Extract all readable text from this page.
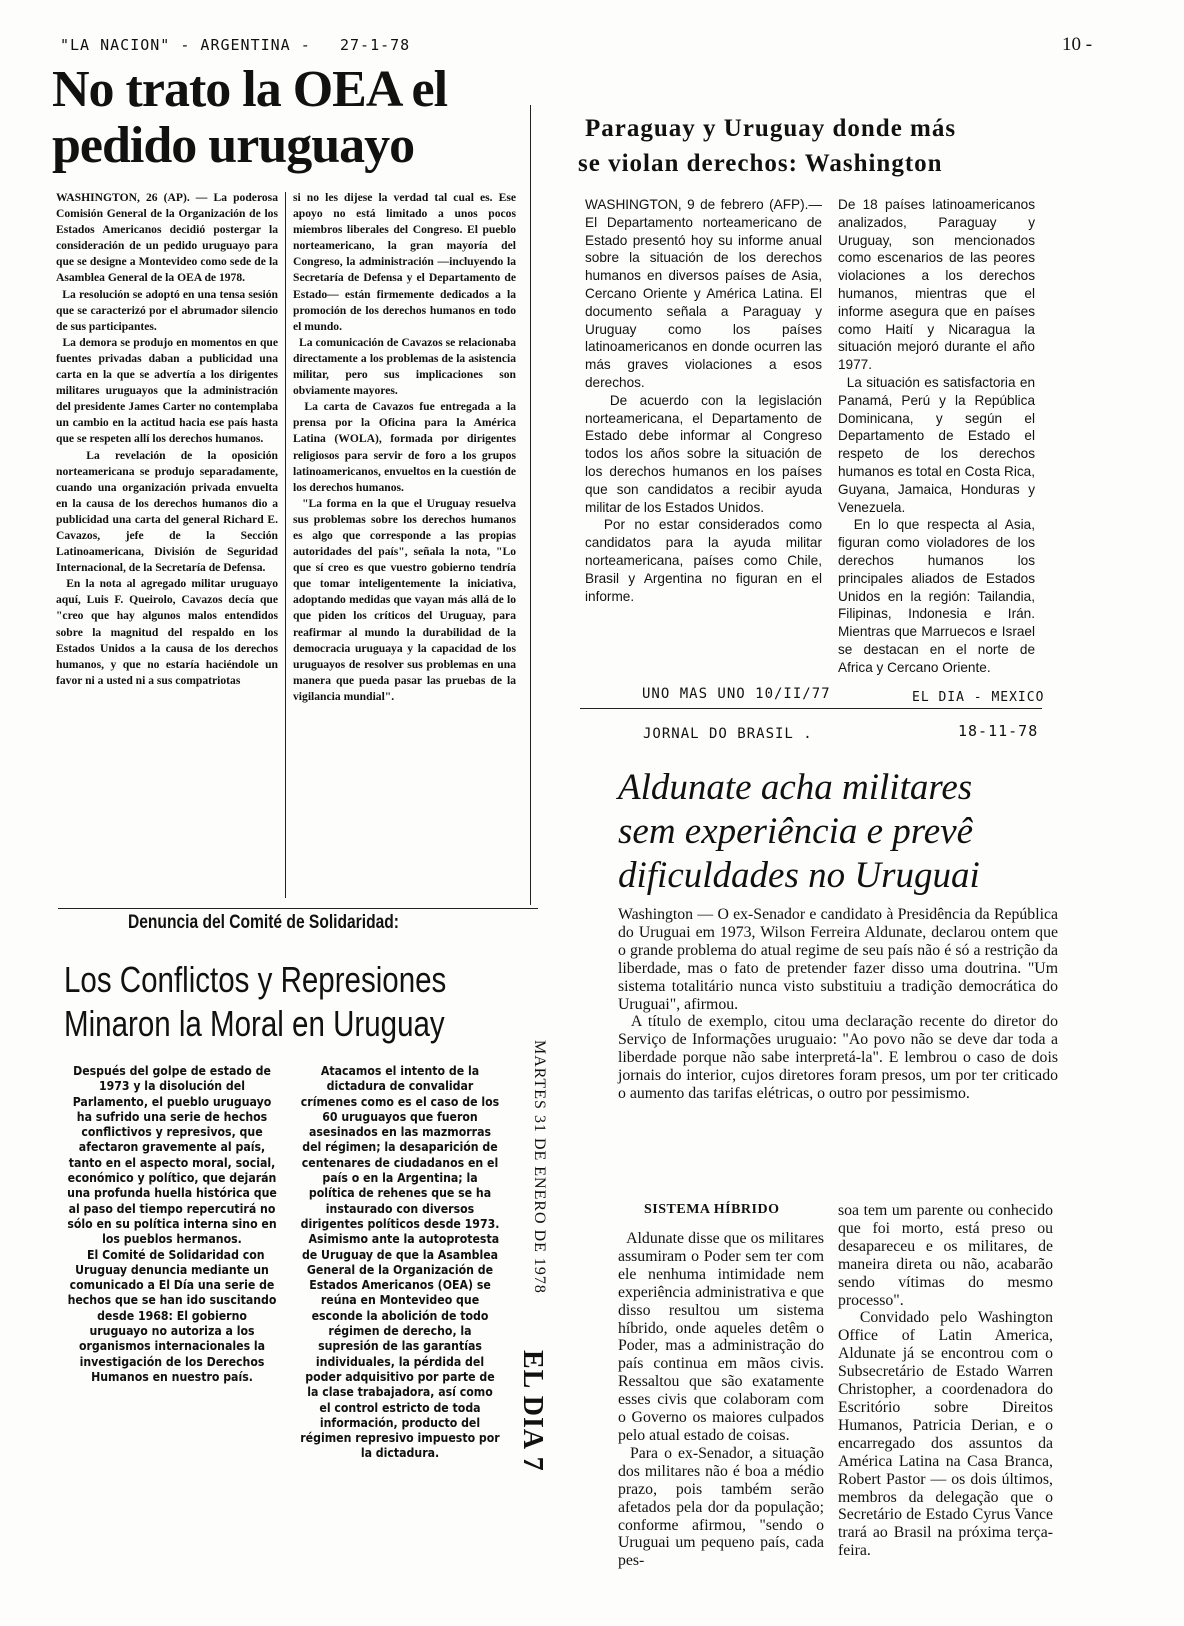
"LA NACION" - ARGENTINA - 27-1-78	10 -
No trato la OEA el pedido uruguayo
WASHINGTON, 26 (AP). — La poderosa Comisión General de la Organización de los Estados Americanos decidió postergar la consideración de un pedido uruguayo para que se designe a Montevideo como sede de la Asamblea General de la OEA de 1978.
La resolución se adoptó en una tensa sesión que se caracterizó por el abrumador silencio de sus participantes.
La demora se produjo en momentos en que fuentes privadas daban a publicidad una carta en la que se advertía a los dirigentes militares uruguayos que la administración del presidente James Carter no contemplaba un cambio en la actitud hacia ese país hasta que se respeten allí los derechos humanos.
La revelación de la oposición norteamericana se produjo separadamente, cuando una organización privada envuelta en la causa de los derechos humanos dio a publicidad una carta del general Richard E. Cavazos, jefe de la Sección Latinoamericana, División de Seguridad Internacional, de la Secretaría de Defensa.
En la nota al agregado militar uruguayo aquí, Luis F. Queirolo, Cavazos decía que "creo que hay algunos malos entendidos sobre la magnitud del respaldo en los Estados Unidos a la causa de los derechos humanos, y que no estaría haciéndole un favor ni a usted ni a sus compatriotas
si no les dijese la verdad tal cual es. Ese apoyo no está limitado a unos pocos miembros liberales del Congreso. El pueblo norteamericano, la gran mayoría del Congreso, la administración —incluyendo la Secretaría de Defensa y el Departamento de Estado— están firmemente dedicados a la promoción de los derechos humanos en todo el mundo.
La comunicación de Cavazos se relacionaba directamente a los problemas de la asistencia militar, pero sus implicaciones son obviamente mayores.
La carta de Cavazos fue entregada a la prensa por la Oficina para la América Latina (WOLA), formada por dirigentes religiosos para servir de foro a los grupos latinoamericanos, envueltos en la cuestión de los derechos humanos.
"La forma en la que el Uruguay resuelva sus problemas sobre los derechos humanos es algo que corresponde a las propias autoridades del país", señala la nota, "Lo que sí creo es que vuestro gobierno tendría que tomar inteligentemente la iniciativa, adoptando medidas que vayan más allá de lo que piden los críticos del Uruguay, para reafirmar al mundo la durabilidad de la democracia uruguaya y la capacidad de los uruguayos de resolver sus problemas en una manera que pueda pasar las pruebas de la vigilancia mundial".
Paraguay y Uruguay donde más
se violan derechos: Washington
WASHINGTON, 9 de febrero (AFP).— El Departamento norteamericano de Estado presentó hoy su informe anual sobre la situación de los derechos humanos en diversos países de Asia, Cercano Oriente y América Latina. El documento señala a Paraguay y Uruguay como los países latinoamericanos en donde ocurren las más graves violaciones a esos derechos.
De acuerdo con la legislación norteamericana, el Departamento de Estado debe informar al Congreso todos los años sobre la situación de los derechos humanos en los países que son candidatos a recibir ayuda militar de los Estados Unidos.
Por no estar considerados como candidatos para la ayuda militar norteamericana, países como Chile, Brasil y Argentina no figuran en el informe.
De 18 países latinoamericanos analizados, Paraguay y Uruguay, son mencionados como escenarios de las peores violaciones a los derechos humanos, mientras que el informe asegura que en países como Haití y Nicaragua la situación mejoró durante el año 1977.
La situación es satisfactoria en Panamá, Perú y la República Dominicana, y según el Departamento de Estado el respeto de los derechos humanos es total en Costa Rica, Guyana, Jamaica, Honduras y Venezuela.
En lo que respecta al Asia, figuran como violadores de los derechos humanos los principales aliados de Estados Unidos en la región: Tailandia, Filipinas, Indonesia e Irán. Mientras que Marruecos e Israel se destacan en el norte de Africa y Cercano Oriente.
UNO MAS UNO 10/II/77	EL DIA - MEXICO
Denuncia del Comité de Solidaridad:
Los Conflictos y Represiones Minaron la Moral en Uruguay
Después del golpe de estado de 1973 y la disolución del Parlamento, el pueblo uruguayo ha sufrido una serie de hechos conflictivos y represivos, que afectaron gravemente al país, tanto en el aspecto moral, social, económico y político, que dejarán una profunda huella histórica que al paso del tiempo repercutirá no sólo en su política interna sino en los pueblos hermanos.
El Comité de Solidaridad con Uruguay denuncia mediante un comunicado a El Día una serie de hechos que se han ido suscitando desde 1968: El gobierno uruguayo no autoriza a los organismos internacionales la investigación de los Derechos Humanos en nuestro país.
Atacamos el intento de la dictadura de convalidar crímenes como es el caso de los 60 uruguayos que fueron asesinados en las mazmorras del régimen; la desaparición de centenares de ciudadanos en el país o en la Argentina; la política de rehenes que se ha instaurado con diversos dirigentes políticos desde 1973.
Asimismo ante la autoprotesta de Uruguay de que la Asamblea General de la Organización de Estados Americanos (OEA) se reúna en Montevideo que esconde la abolición de todo régimen de derecho, la supresión de las garantías individuales, la pérdida del poder adquisitivo por parte de la clase trabajadora, así como el control estricto de toda información, producto del régimen represivo impuesto por la dictadura.
MARTES 31 DE ENERO DE 1978
EL DIA 7
JORNAL DO BRASIL .	18-11-78
Aldunate acha militares sem experiência e prevê dificuldades no Uruguai
Washington — O ex-Senador e candidato à Presidência da República do Uruguai em 1973, Wilson Ferreira Aldunate, declarou ontem que o grande problema do atual regime de seu país não é só a restrição da liberdade, mas o fato de pretender fazer disso uma doutrina. "Um sistema totalitário nunca visto substituiu a tradição democrática do Uruguai", afirmou.
A título de exemplo, citou uma declaração recente do diretor do Serviço de Informações uruguaio: "Ao povo não se deve dar toda a liberdade porque não sabe interpretá-la". E lembrou o caso de dois jornais do interior, cujos diretores foram presos, um por ter criticado o aumento das tarifas elétricas, o outro por pessimismo.
SISTEMA HÍBRIDO
Aldunate disse que os militares assumiram o Poder sem ter com ele nenhuma intimidade nem experiência administrativa e que disso resultou um sistema híbrido, onde aqueles detêm o Poder, mas a administração do país continua em mãos civis. Ressaltou que são exatamente esses civis que colaboram com o Governo os maiores culpados pelo atual estado de coisas.
Para o ex-Senador, a situação dos militares não é boa a médio prazo, pois também serão afetados pela dor da população; conforme afirmou, "sendo o Uruguai um pequeno país, cada pes-
soa tem um parente ou conhecido que foi morto, está preso ou desapareceu e os militares, de maneira direta ou não, acabarão sendo vítimas do mesmo processo".
Convidado pelo Washington Office of Latin America, Aldunate já se encontrou com o Subsecretário de Estado Warren Christopher, a coordenadora do Escritório sobre Direitos Humanos, Patricia Derian, e o encarregado dos assuntos da América Latina na Casa Branca, Robert Pastor — os dois últimos, membros da delegação que o Secretário de Estado Cyrus Vance trará ao Brasil na próxima terça-feira.
